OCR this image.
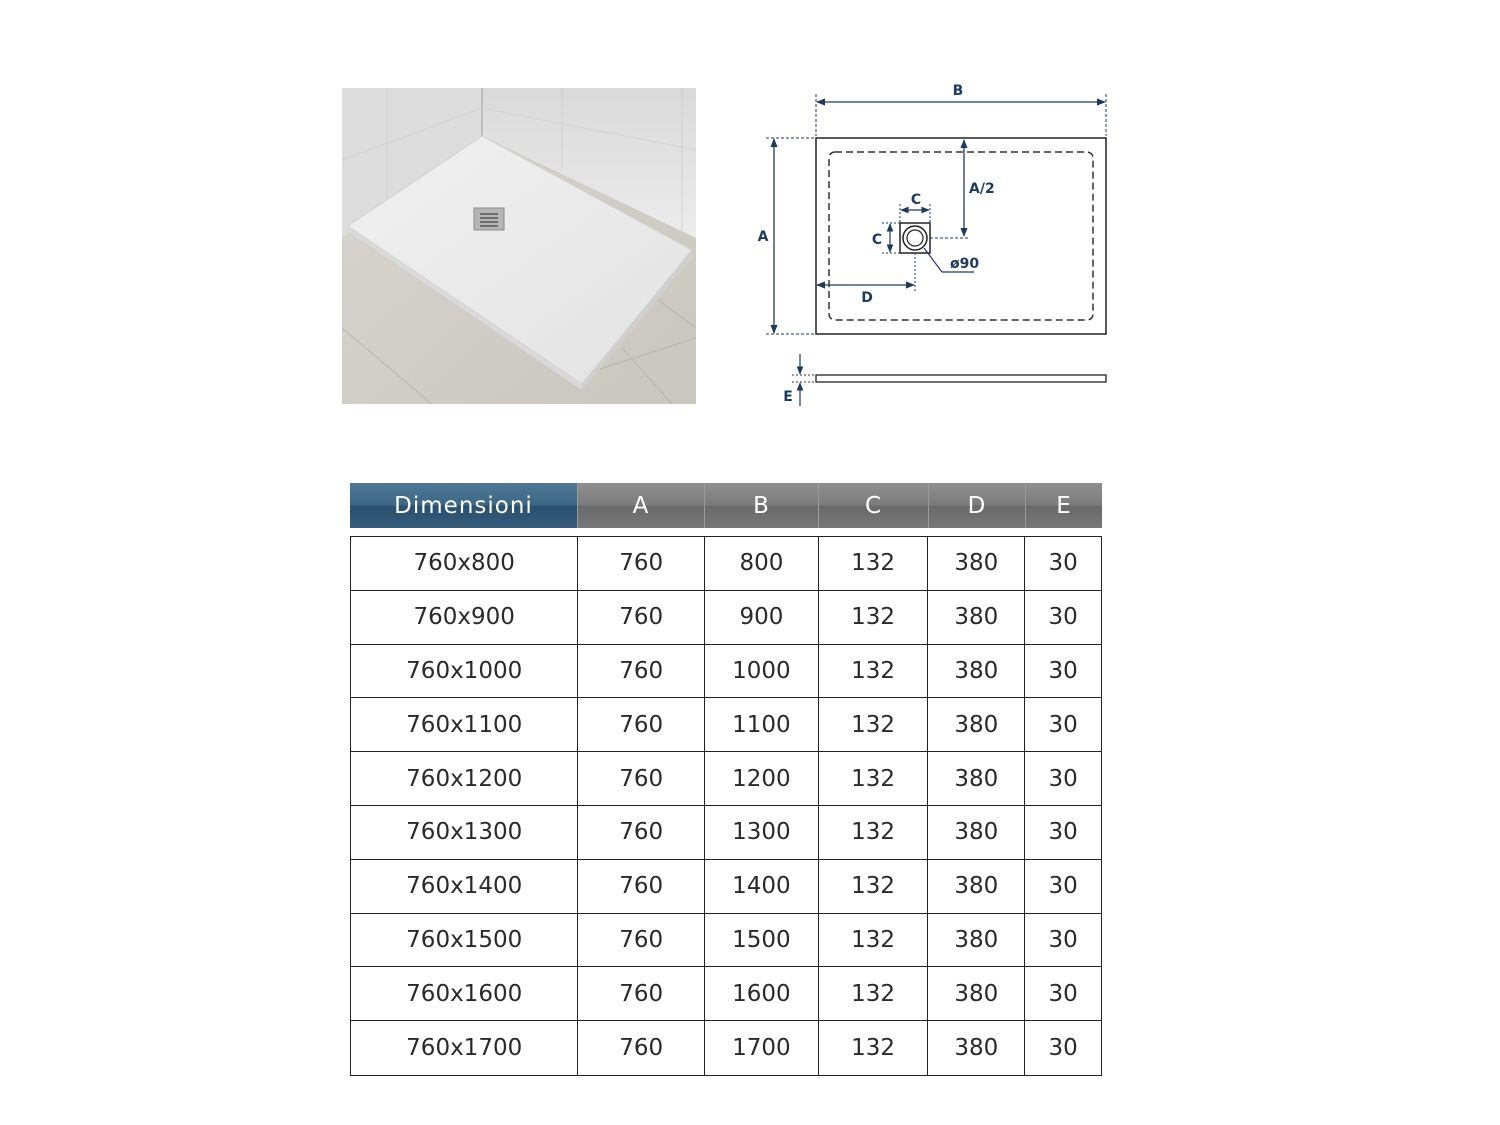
B
A
A/2
C
C
ø90
D
E
Dimensioni	A	B	C	D	E
760x800	760	800	132	380	30
760x900	760	900	132	380	30
760x1000	760	1000	132	380	30
760x1100	760	1100	132	380	30
760x1200	760	1200	132	380	30
760x1300	760	1300	132	380	30
760x1400	760	1400	132	380	30
760x1500	760	1500	132	380	30
760x1600	760	1600	132	380	30
760x1700	760	1700	132	380	30
